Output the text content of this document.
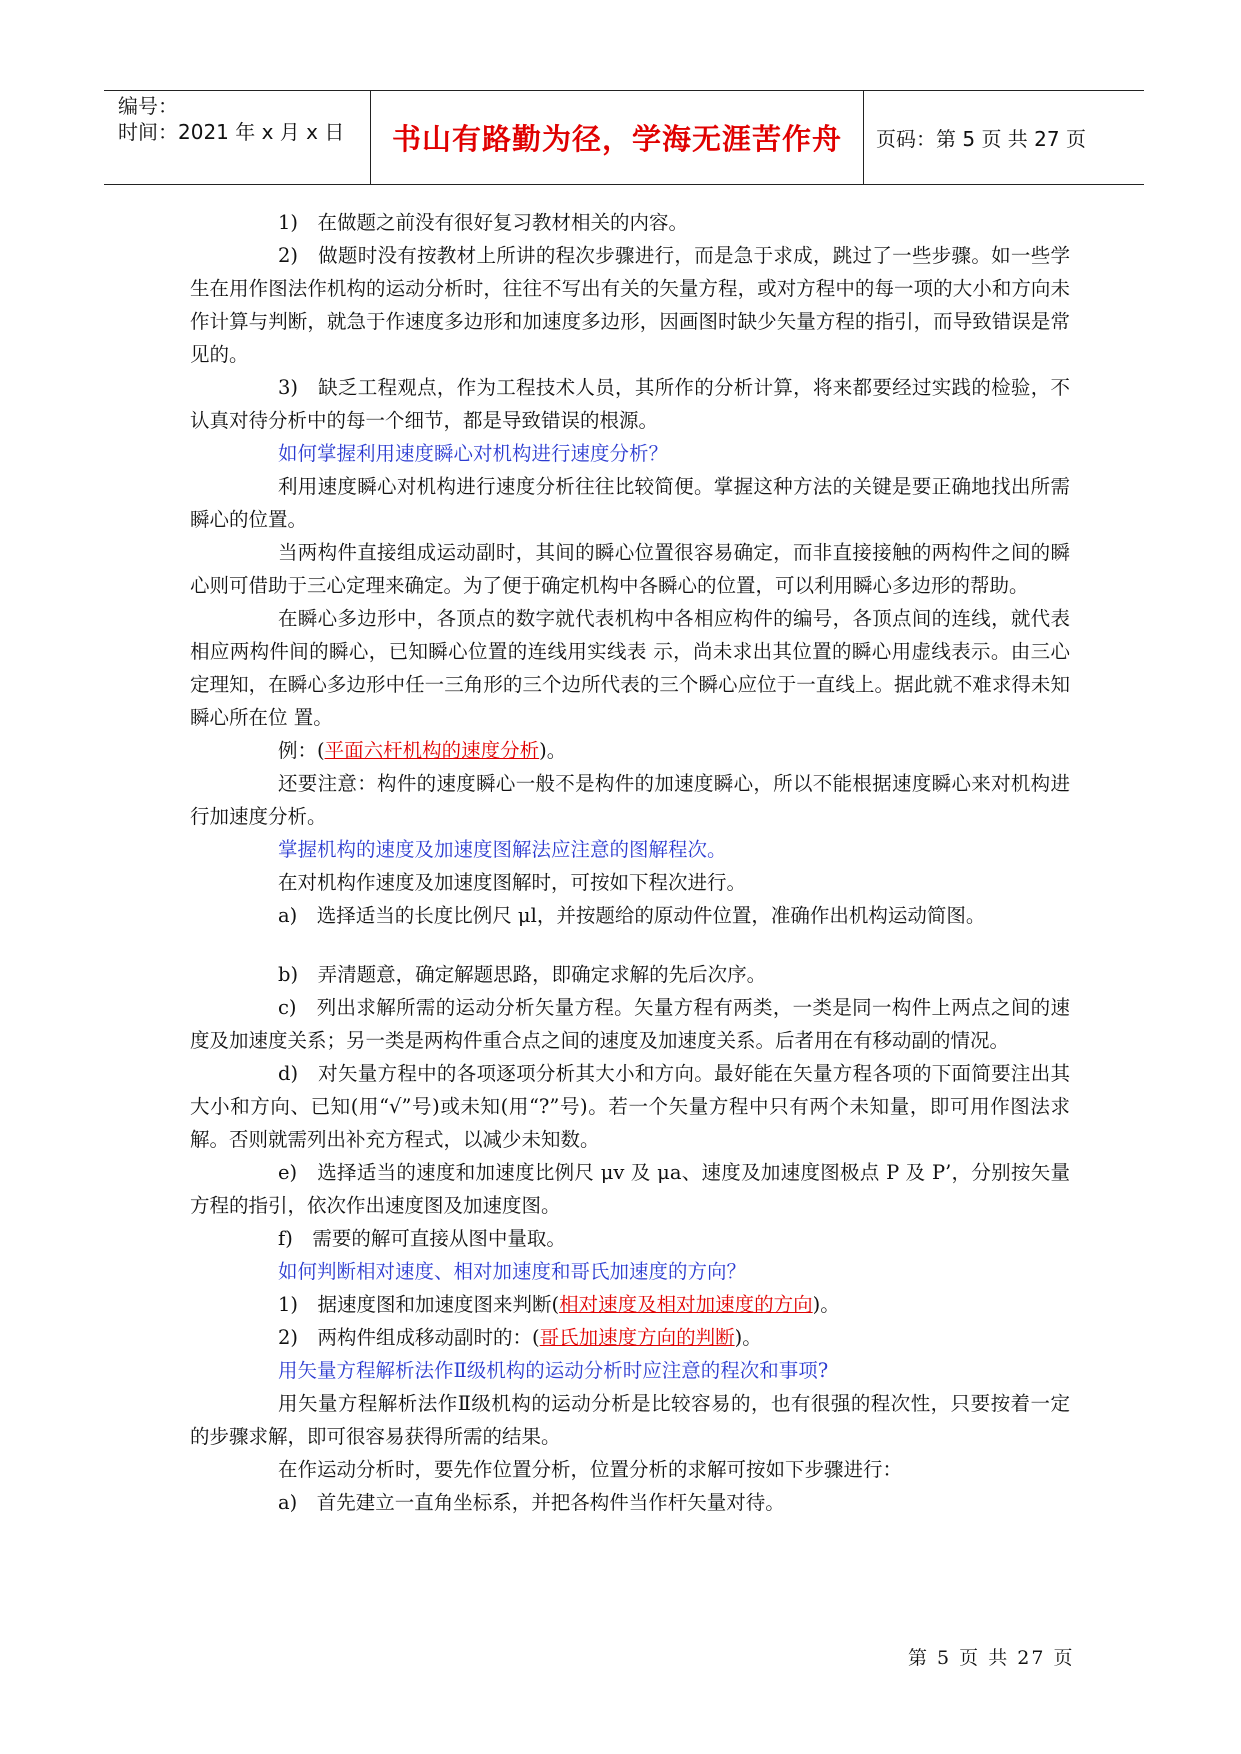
编号：
时间：2021 年 x 月 x 日	书山有路勤为径，学海无涯苦作舟	页码：第 5 页 共 27 页

1)　在做题之前没有很好复习教材相关的内容。

2)　做题时没有按教材上所讲的程次步骤进行，而是急于求成，跳过了一些步骤。如一些学生在用作图法作机构的运动分析时，往往不写出有关的矢量方程，或对方程中的每一项的大小和方向未作计算与判断，就急于作速度多边形和加速度多边形，因画图时缺少矢量方程的指引，而导致错误是常见的。

3)　缺乏工程观点，作为工程技术人员，其所作的分析计算，将来都要经过实践的检验，不认真对待分析中的每一个细节，都是导致错误的根源。

如何掌握利用速度瞬心对机构进行速度分析？

利用速度瞬心对机构进行速度分析往往比较简便。掌握这种方法的关键是要正确地找出所需瞬心的位置。

当两构件直接组成运动副时，其间的瞬心位置很容易确定，而非直接接触的两构件之间的瞬心则可借助于三心定理来确定。为了便于确定机构中各瞬心的位置，可以利用瞬心多边形的帮助。

在瞬心多边形中，各顶点的数字就代表机构中各相应构件的编号，各顶点间的连线，就代表相应两构件间的瞬心，已知瞬心位置的连线用实线表 示，尚未求出其位置的瞬心用虚线表示。由三心定理知，在瞬心多边形中任一三角形的三个边所代表的三个瞬心应位于一直线上。据此就不难求得未知瞬心所在位 置。

例：(平面六杆机构的速度分析)。

还要注意：构件的速度瞬心一般不是构件的加速度瞬心，所以不能根据速度瞬心来对机构进行加速度分析。

掌握机构的速度及加速度图解法应注意的图解程次。

在对机构作速度及加速度图解时，可按如下程次进行。

a)　选择适当的长度比例尺 μl，并按题给的原动件位置，准确作出机构运动简图。

b)　弄清题意，确定解题思路，即确定求解的先后次序。

c)　列出求解所需的运动分析矢量方程。矢量方程有两类，一类是同一构件上两点之间的速度及加速度关系；另一类是两构件重合点之间的速度及加速度关系。后者用在有移动副的情况。

d)　对矢量方程中的各项逐项分析其大小和方向。最好能在矢量方程各项的下面简要注出其大小和方向、已知(用“√”号)或未知(用“?”号)。若一个矢量方程中只有两个未知量，即可用作图法求解。否则就需列出补充方程式，以减少未知数。

e)　选择适当的速度和加速度比例尺 μv 及 μa、速度及加速度图极点 P 及 P’，分别按矢量方程的指引，依次作出速度图及加速度图。

f)　需要的解可直接从图中量取。

如何判断相对速度、相对加速度和哥氏加速度的方向？

1)　据速度图和加速度图来判断(相对速度及相对加速度的方向)。

2)　两构件组成移动副时的：(哥氏加速度方向的判断)。

用矢量方程解析法作Ⅱ级机构的运动分析时应注意的程次和事项?

用矢量方程解析法作Ⅱ级机构的运动分析是比较容易的，也有很强的程次性，只要按着一定的步骤求解，即可很容易获得所需的结果。

在作运动分析时，要先作位置分析，位置分析的求解可按如下步骤进行：

a)　首先建立一直角坐标系，并把各构件当作杆矢量对待。

第 5 页 共 27 页
